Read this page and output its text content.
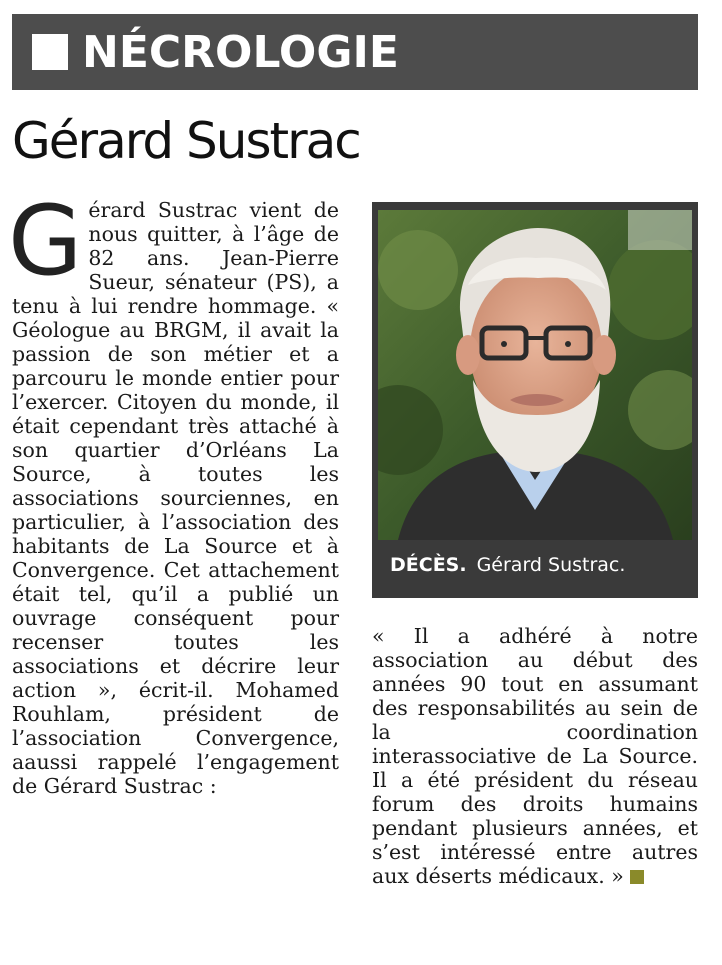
NÉCROLOGIE
Gérard Sustrac

Gérard Sustrac vient de nous quitter, à l’âge de 82 ans. Jean-Pierre Sueur, sénateur (PS), a tenu à lui rendre hommage. « Géologue au BRGM, il avait la passion de son métier et a parcouru le monde entier pour l’exercer. Citoyen du monde, il était cependant très attaché à son quartier d’Orléans La Source, à toutes les associations sourciennes, en particulier, à l’association des habitants de La Source et à Convergence. Cet attachement était tel, qu’il a publié un ouvrage conséquent pour recenser toutes les associations et décrire leur action », écrit-il. Mohamed Rouhlam, président de l’association Convergence, aaussi rappelé l’engagement de Gérard Sustrac :

DÉCÈS. Gérard Sustrac.

« Il a adhéré à notre association au début des années 90 tout en assumant des responsabilités au sein de la coordination interassociative de La Source. Il a été président du réseau forum des droits humains pendant plusieurs années, et s’est intéressé entre autres aux déserts médicaux. »
